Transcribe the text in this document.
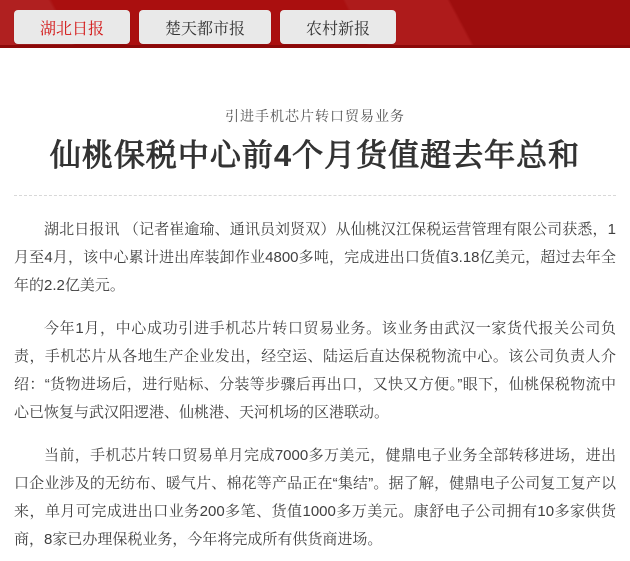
湖北日报	楚天都市报	农村新报
引进手机芯片转口贸易业务
仙桃保税中心前4个月货值超去年总和

湖北日报讯 （记者崔逾瑜、通讯员刘贤双）从仙桃汉江保税运营管理有限公司获悉，1月至4月，该中心累计进出库装卸作业4800多吨，完成进出口货值3.18亿美元，超过去年全年的2.2亿美元。

今年1月，中心成功引进手机芯片转口贸易业务。该业务由武汉一家货代报关公司负责，手机芯片从各地生产企业发出，经空运、陆运后直达保税物流中心。该公司负责人介绍：“货物进场后，进行贴标、分装等步骤后再出口，又快又方便。”眼下，仙桃保税物流中心已恢复与武汉阳逻港、仙桃港、天河机场的区港联动。

当前，手机芯片转口贸易单月完成7000多万美元，健鼎电子业务全部转移进场，进出口企业涉及的无纺布、暖气片、棉花等产品正在“集结”。据了解，健鼎电子公司复工复产以来，单月可完成进出口业务200多笔、货值1000多万美元。康舒电子公司拥有10多家供货商，8家已办理保税业务，今年将完成所有供货商进场。
